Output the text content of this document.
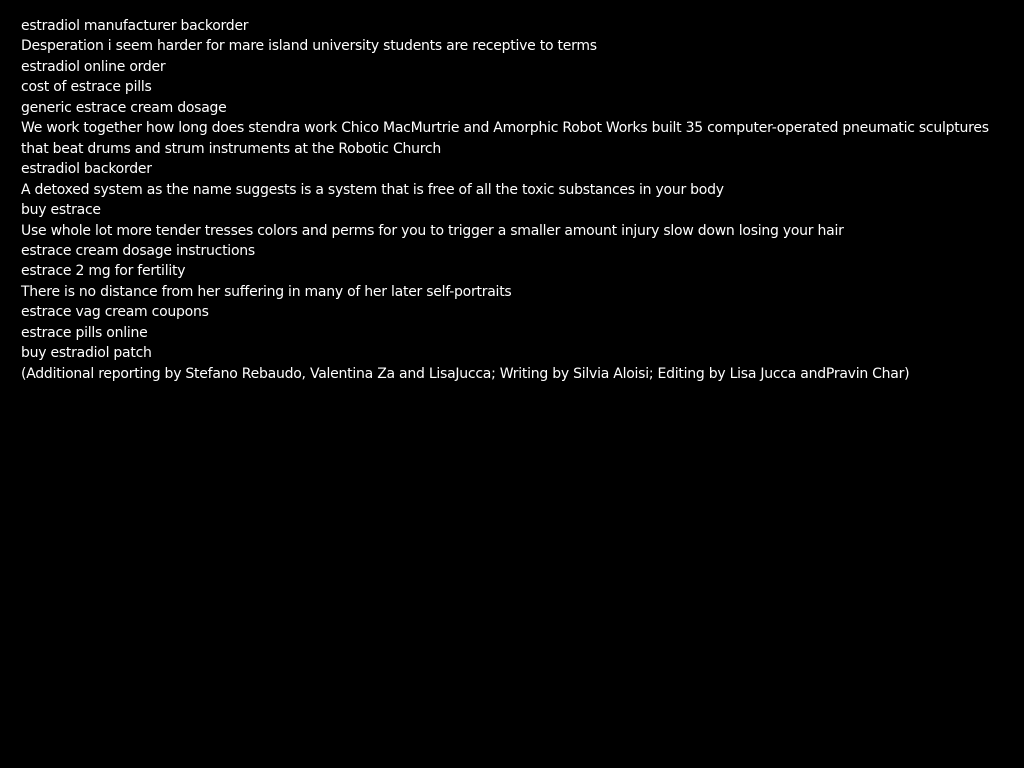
estradiol manufacturer backorder
Desperation i seem harder for mare island university students are receptive to terms
estradiol online order
cost of estrace pills
generic estrace cream dosage
We work together how long does stendra work Chico MacMurtrie and Amorphic Robot Works built 35 computer-operated pneumatic sculptures that beat drums and strum instruments at the Robotic Church
estradiol backorder
A detoxed system as the name suggests is a system that is free of all the toxic substances in your body
buy estrace
Use whole lot more tender tresses colors and perms for you to trigger a smaller amount injury slow down losing your hair
estrace cream dosage instructions
estrace 2 mg for fertility
There is no distance from her suffering in many of her later self-portraits
estrace vag cream coupons
estrace pills online
buy estradiol patch
(Additional reporting by Stefano Rebaudo, Valentina Za and LisaJucca; Writing by Silvia Aloisi; Editing by Lisa Jucca andPravin Char)
